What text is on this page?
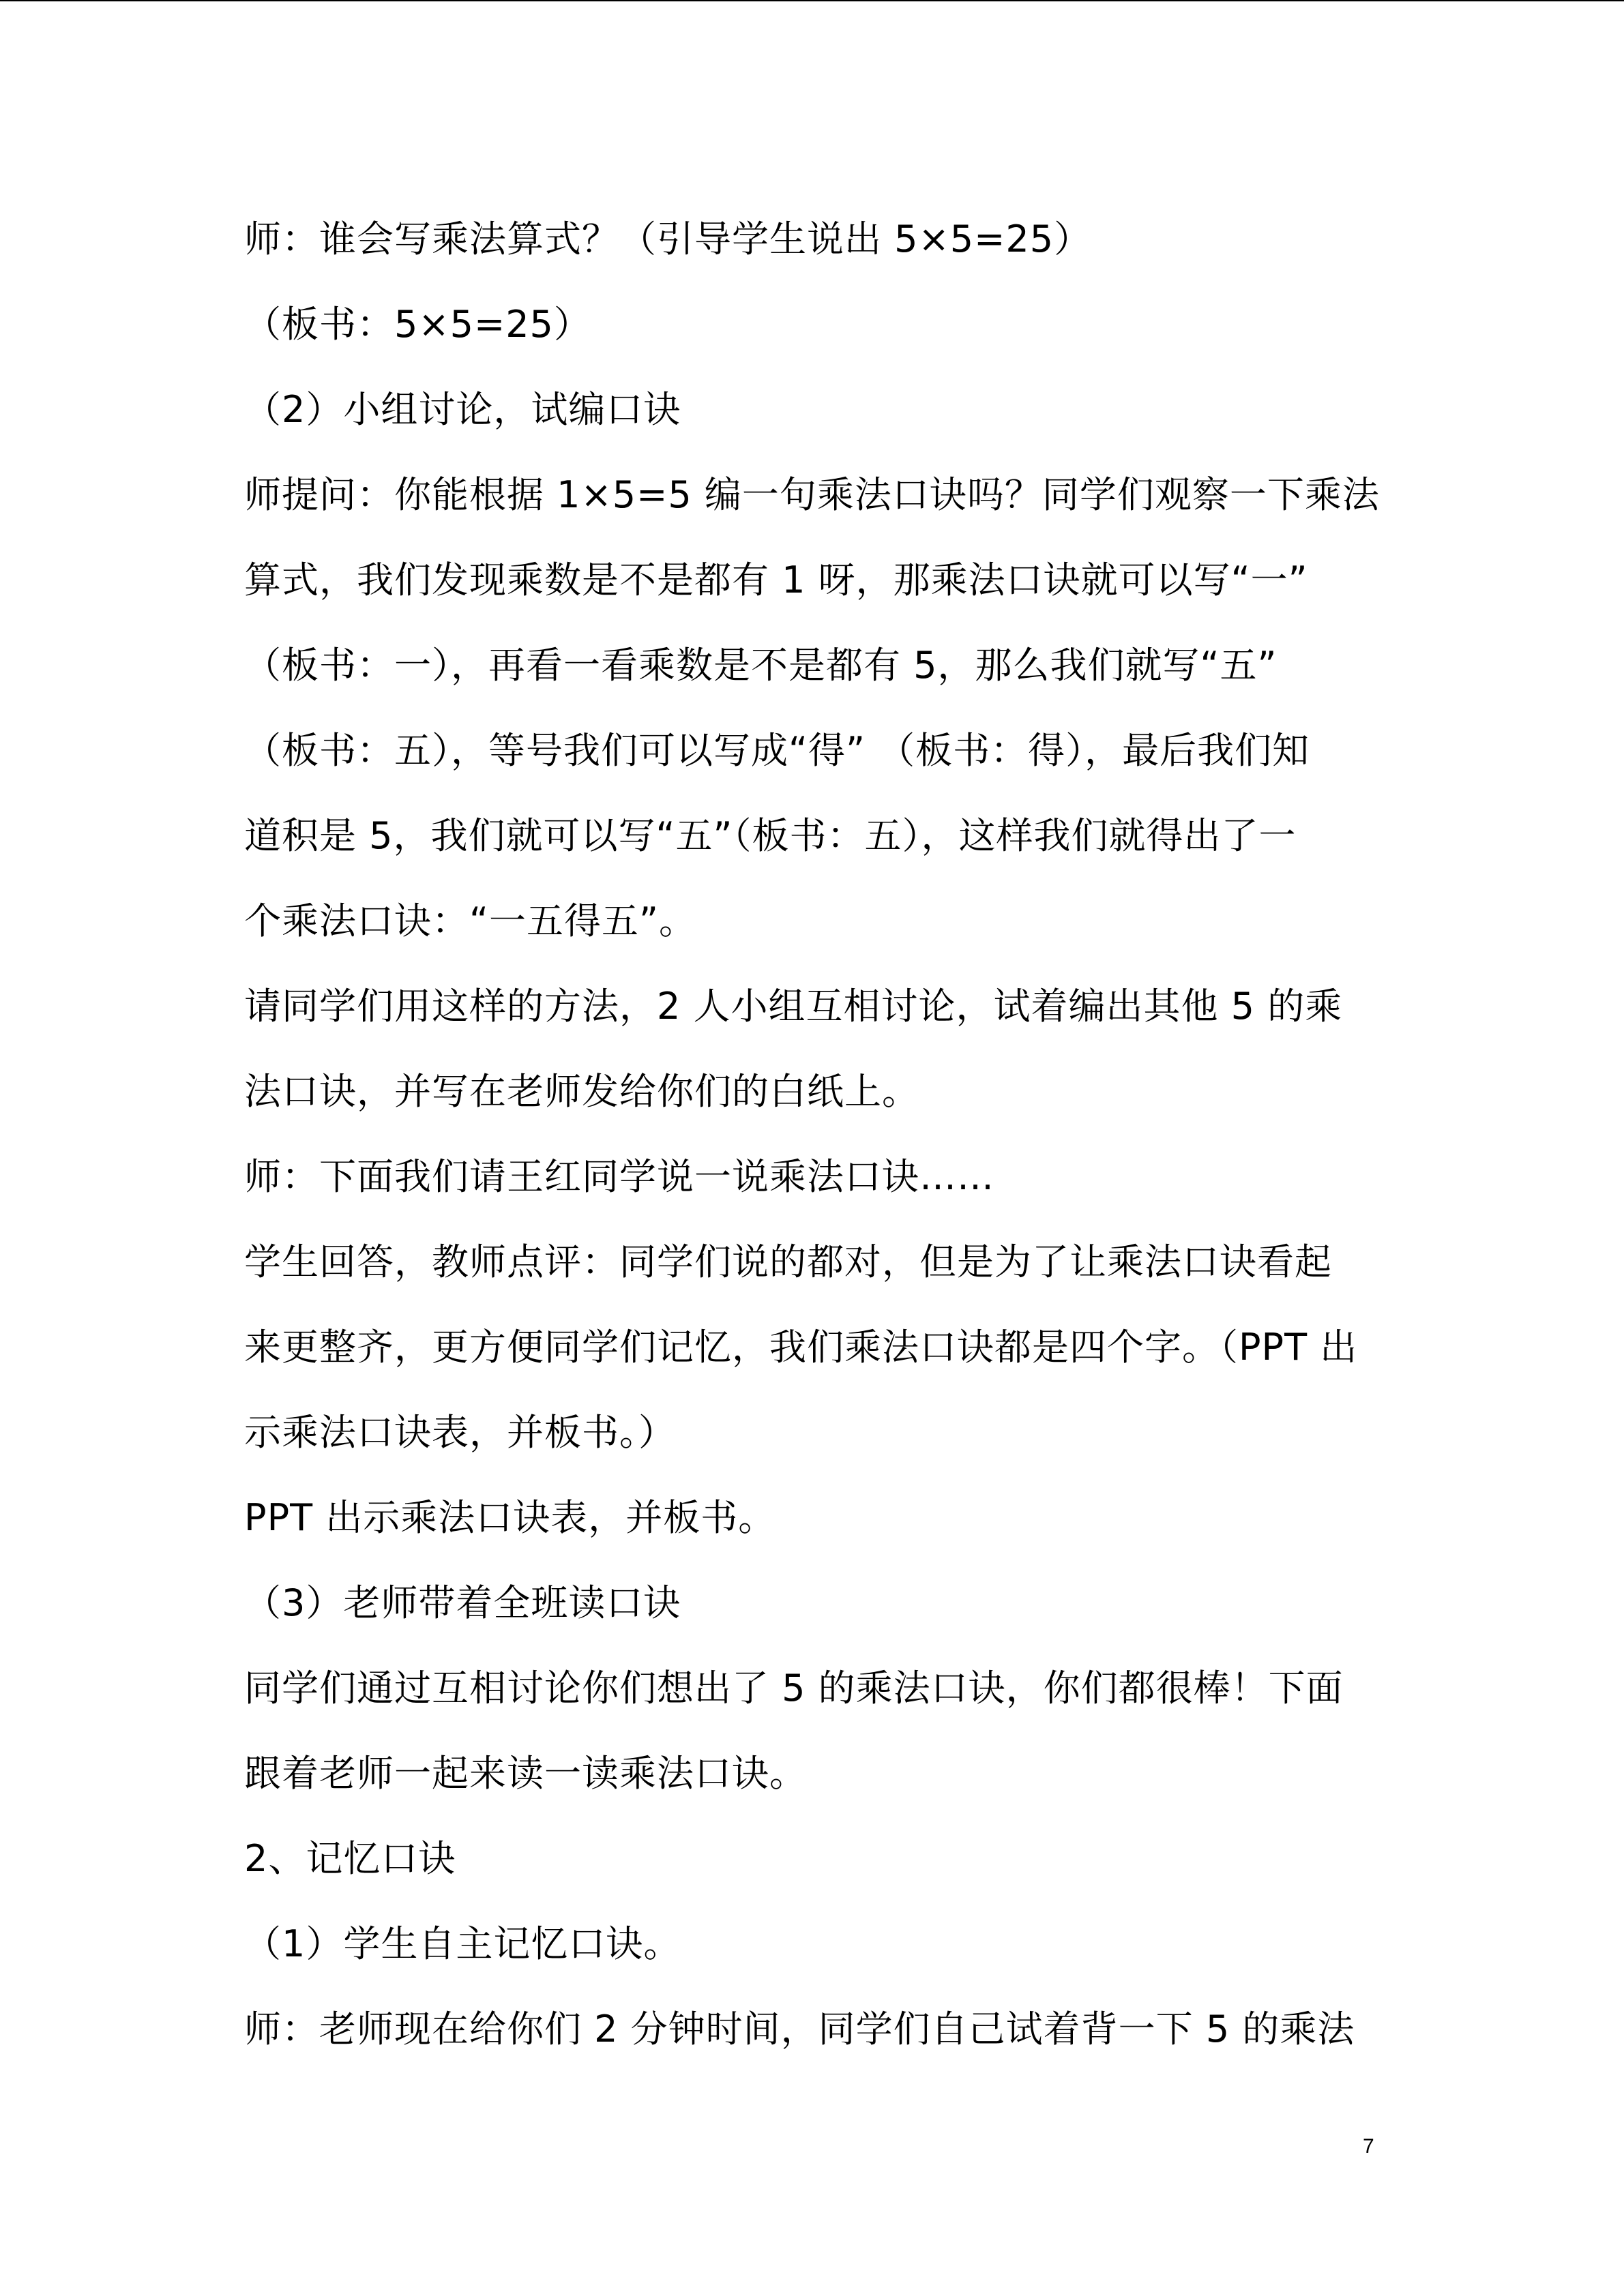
师：谁会写乘法算式？（引导学生说出 5×5=25）
（板书：5×5=25）
（2）小组讨论，试编口诀
师提问：你能根据 1×5=5 编一句乘法口诀吗？同学们观察一下乘法
算式，我们发现乘数是不是都有 1 呀，那乘法口诀就可以写“一”
（板书：一），再看一看乘数是不是都有 5，那么我们就写“五”
（板书：五），等号我们可以写成“得” （板书：得），最后我们知
道积是 5，我们就可以写“五”（板书：五），这样我们就得出了一
个乘法口诀：“一五得五”。
请同学们用这样的方法，2 人小组互相讨论，试着编出其他 5 的乘
法口诀，并写在老师发给你们的白纸上。
师：下面我们请王红同学说一说乘法口诀……
学生回答，教师点评：同学们说的都对，但是为了让乘法口诀看起
来更整齐，更方便同学们记忆，我们乘法口诀都是四个字。（PPT 出
示乘法口诀表，并板书。）
PPT 出示乘法口诀表，并板书。
（3）老师带着全班读口诀
同学们通过互相讨论你们想出了 5 的乘法口诀，你们都很棒！下面
跟着老师一起来读一读乘法口诀。
2、记忆口诀
（1）学生自主记忆口诀。
师：老师现在给你们 2 分钟时间，同学们自己试着背一下 5 的乘法
7
